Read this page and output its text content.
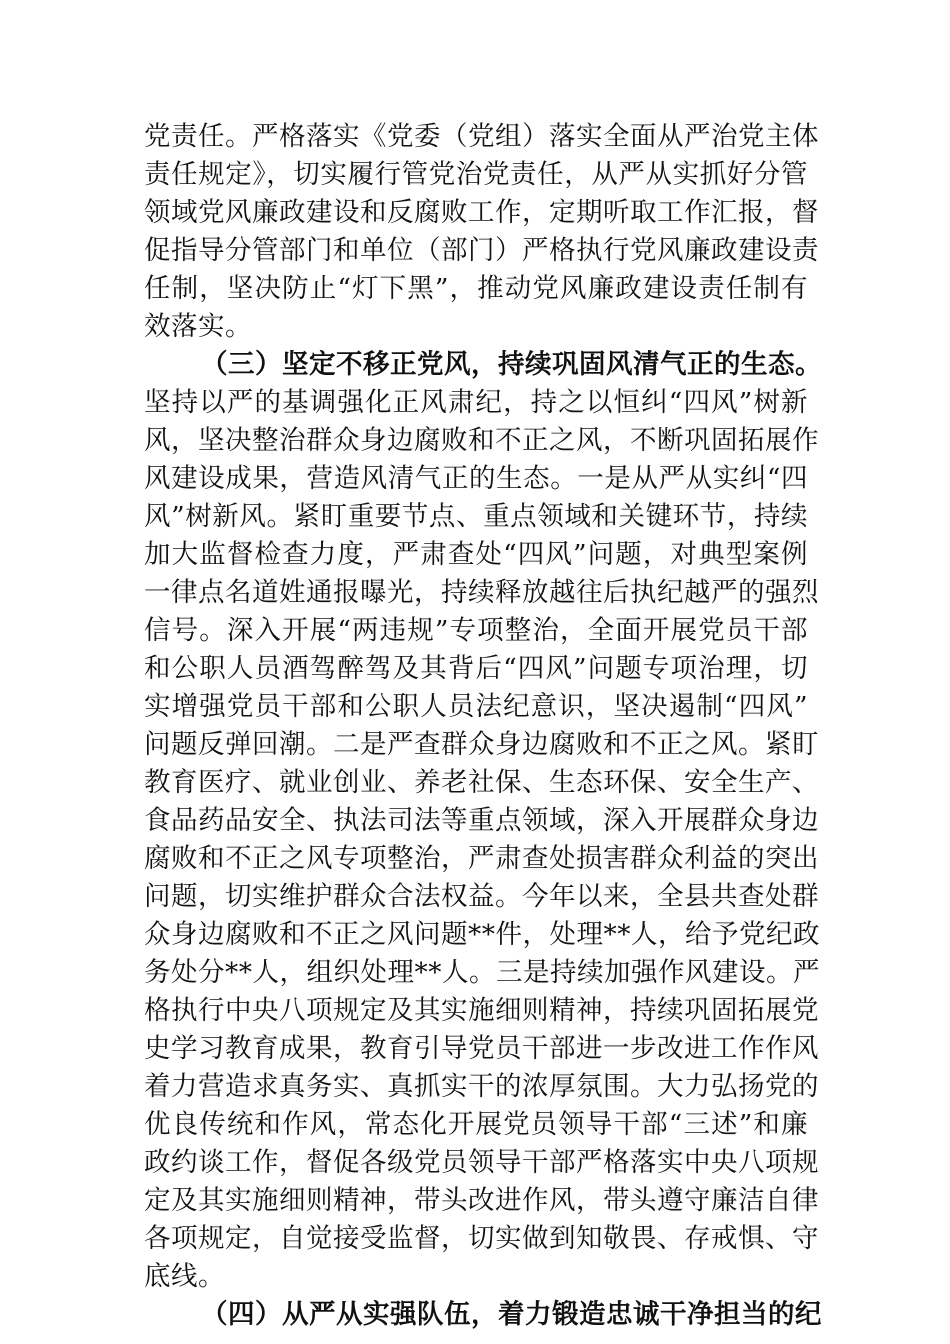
党责任。严格落实《党委（党组）落实全面从严治党主体
责任规定》，切实履行管党治党责任，从严从实抓好分管
领域党风廉政建设和反腐败工作，定期听取工作汇报，督
促指导分管部门和单位（部门）严格执行党风廉政建设责
任制，坚决防止“灯下黑”，推动党风廉政建设责任制有
效落实。
（三）坚定不移正党风，持续巩固风清气正的生态。
坚持以严的基调强化正风肃纪，持之以恒纠“四风”树新
风，坚决整治群众身边腐败和不正之风，不断巩固拓展作
风建设成果，营造风清气正的生态。一是从严从实纠“四
风”树新风。紧盯重要节点、重点领域和关键环节，持续
加大监督检查力度，严肃查处“四风”问题，对典型案例
一律点名道姓通报曝光，持续释放越往后执纪越严的强烈
信号。深入开展“两违规”专项整治，全面开展党员干部
和公职人员酒驾醉驾及其背后“四风”问题专项治理，切
实增强党员干部和公职人员法纪意识，坚决遏制“四风”
问题反弹回潮。二是严查群众身边腐败和不正之风。紧盯
教育医疗、就业创业、养老社保、生态环保、安全生产、
食品药品安全、执法司法等重点领域，深入开展群众身边
腐败和不正之风专项整治，严肃查处损害群众利益的突出
问题，切实维护群众合法权益。今年以来，全县共查处群
众身边腐败和不正之风问题**件，处理**人，给予党纪政
务处分**人，组织处理**人。三是持续加强作风建设。严
格执行中央八项规定及其实施细则精神，持续巩固拓展党
史学习教育成果，教育引导党员干部进一步改进工作作风
着力营造求真务实、真抓实干的浓厚氛围。大力弘扬党的
优良传统和作风，常态化开展党员领导干部“三述”和廉
政约谈工作，督促各级党员领导干部严格落实中央八项规
定及其实施细则精神，带头改进作风，带头遵守廉洁自律
各项规定，自觉接受监督，切实做到知敬畏、存戒惧、守
底线。
（四）从严从实强队伍，着力锻造忠诚干净担当的纪
